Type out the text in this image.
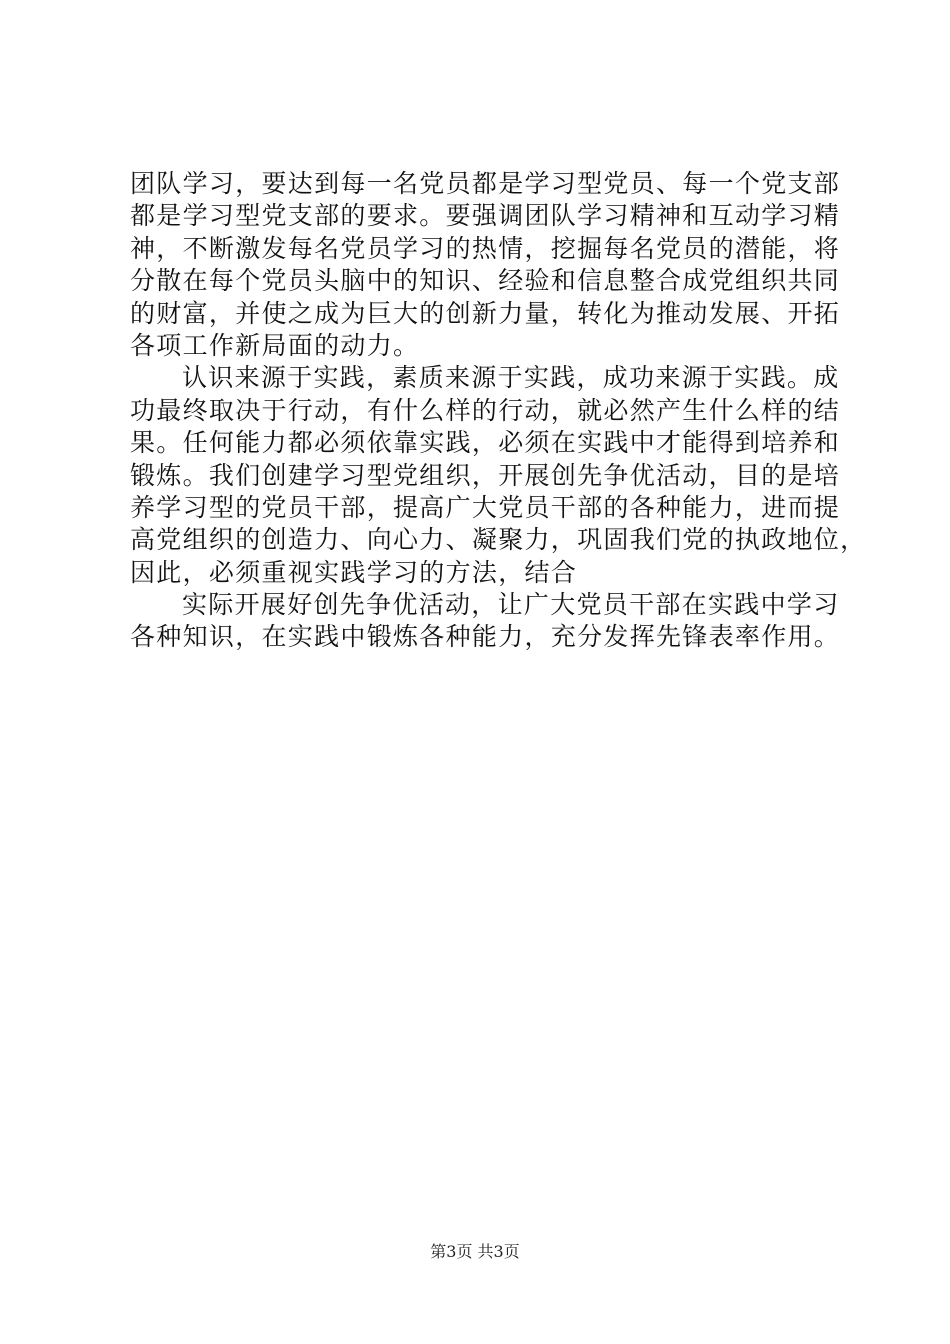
团队学习，要达到每一名党员都是学习型党员、每一个党支部
都是学习型党支部的要求。要强调团队学习精神和互动学习精
神，不断激发每名党员学习的热情，挖掘每名党员的潜能，将
分散在每个党员头脑中的知识、经验和信息整合成党组织共同
的财富，并使之成为巨大的创新力量，转化为推动发展、开拓
各项工作新局面的动力。
认识来源于实践，素质来源于实践，成功来源于实践。成
功最终取决于行动，有什么样的行动，就必然产生什么样的结
果。任何能力都必须依靠实践，必须在实践中才能得到培养和
锻炼。我们创建学习型党组织，开展创先争优活动，目的是培
养学习型的党员干部，提高广大党员干部的各种能力，进而提
高党组织的创造力、向心力、凝聚力，巩固我们党的执政地位，
因此，必须重视实践学习的方法，结合
实际开展好创先争优活动，让广大党员干部在实践中学习
各种知识，在实践中锻炼各种能力，充分发挥先锋表率作用。
第3页 共3页
